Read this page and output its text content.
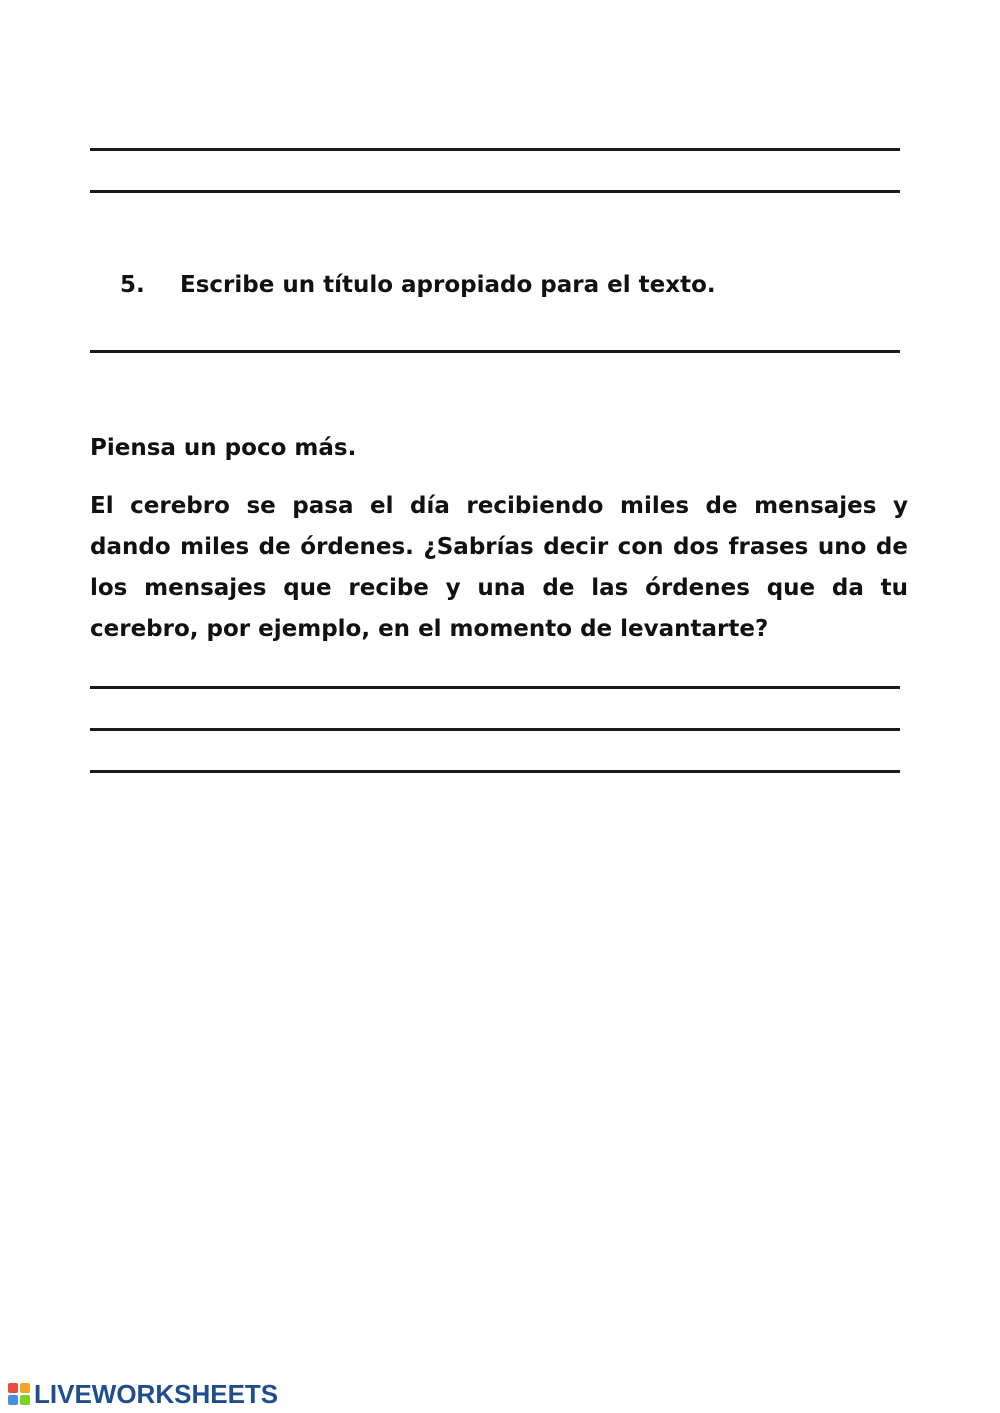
5. Escribe un título apropiado para el texto.
Piensa un poco más.

El cerebro se pasa el día recibiendo miles de mensajes y dando miles de órdenes. ¿Sabrías decir con dos frases uno de los mensajes que recibe y una de las órdenes que da tu cerebro, por ejemplo, en el momento de levantarte?

LIVEWORKSHEETS
